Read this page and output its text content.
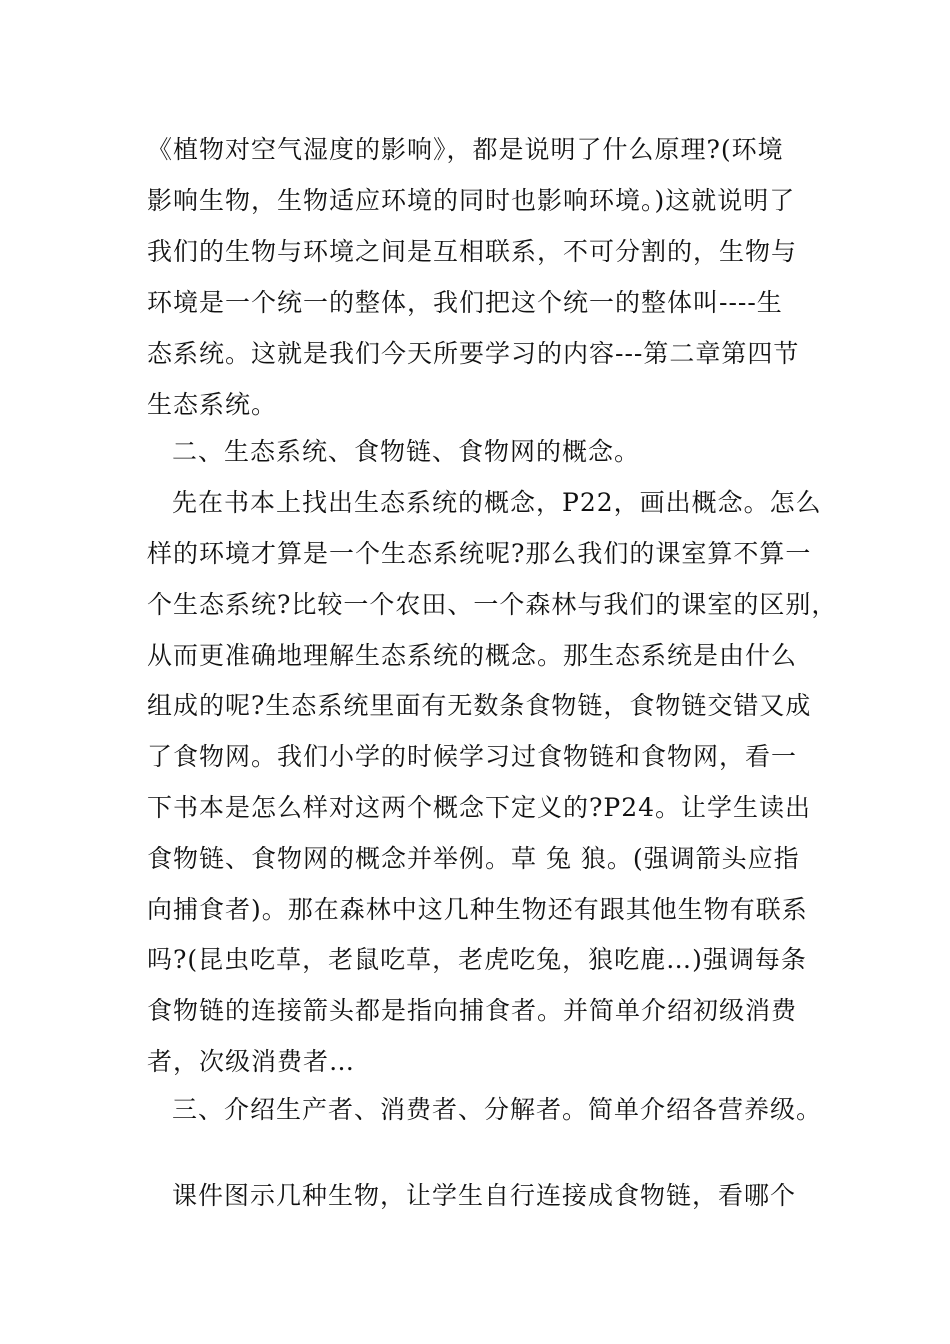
《植物对空气湿度的影响》，都是说明了什么原理?(环境
影响生物，生物适应环境的同时也影响环境。)这就说明了
我们的生物与环境之间是互相联系，不可分割的，生物与
环境是一个统一的整体，我们把这个统一的整体叫----生
态系统。这就是我们今天所要学习的内容---第二章第四节
生态系统。
二、生态系统、食物链、食物网的概念。
先在书本上找出生态系统的概念，P22，画出概念。怎么
样的环境才算是一个生态系统呢?那么我们的课室算不算一
个生态系统?比较一个农田、一个森林与我们的课室的区别，
从而更准确地理解生态系统的概念。那生态系统是由什么
组成的呢?生态系统里面有无数条食物链，食物链交错又成
了食物网。我们小学的时候学习过食物链和食物网，看一
下书本是怎么样对这两个概念下定义的?P24。让学生读出
食物链、食物网的概念并举例。草 兔 狼。(强调箭头应指
向捕食者)。那在森林中这几种生物还有跟其他生物有联系
吗?(昆虫吃草，老鼠吃草，老虎吃兔，狼吃鹿…)强调每条
食物链的连接箭头都是指向捕食者。并简单介绍初级消费
者，次级消费者…
三、介绍生产者、消费者、分解者。简单介绍各营养级。
课件图示几种生物，让学生自行连接成食物链，看哪个
